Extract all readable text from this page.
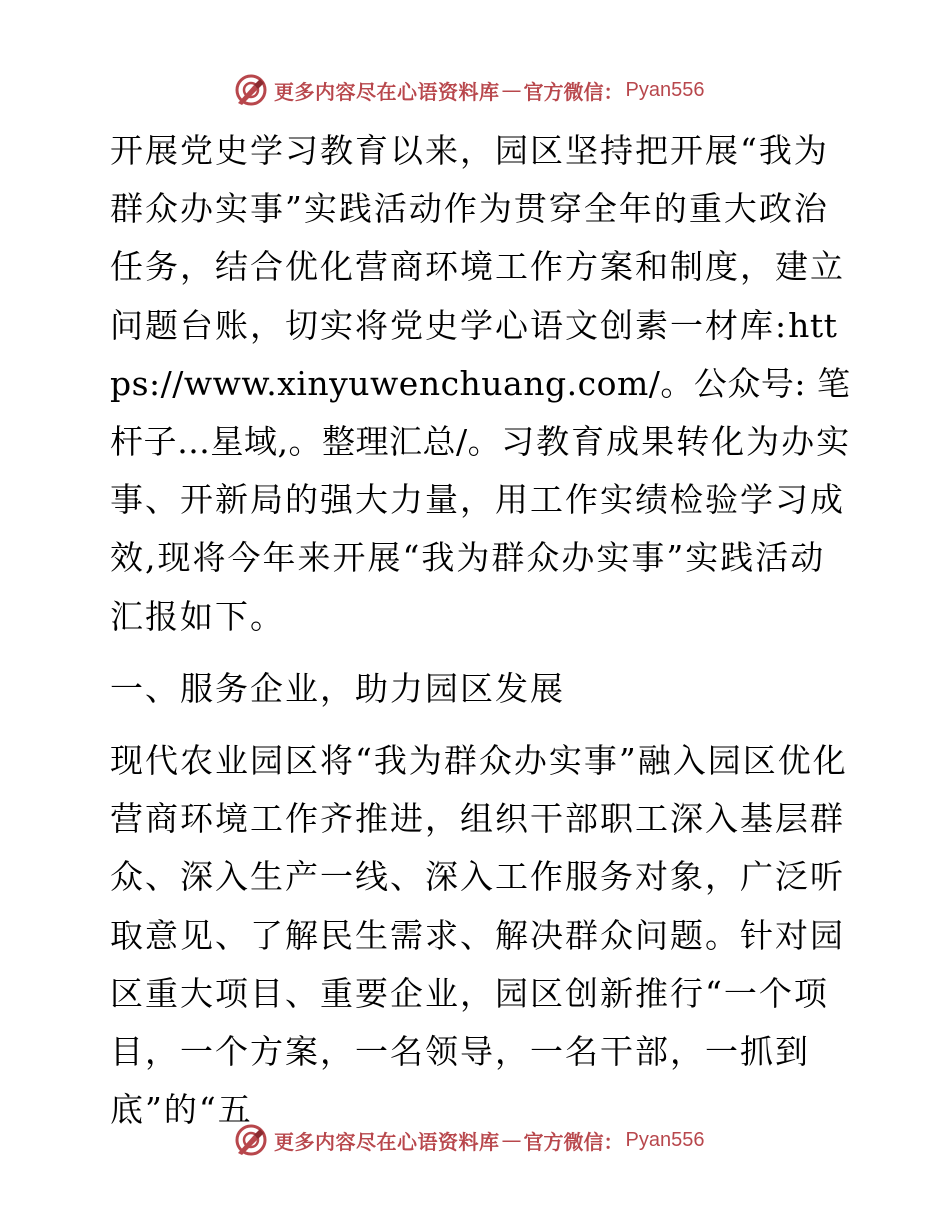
更多内容尽在心语资料库 — 官方微信： Pyan556

开展党史学习教育以来，园区坚持把开展“我为群众办实事”实践活动作为贯穿全年的重大政治任务，结合优化营商环境工作方案和制度，建立问题台账，切实将党史学心语文创素一材库:https://www.xinyuwenchuang.com/。公众号: 笔杆子…星域,。整理汇总/。习教育成果转化为办实事、开新局的强大力量，用工作实绩检验学习成效,现将今年来开展“我为群众办实事”实践活动汇报如下。

一、服务企业，助力园区发展

现代农业园区将“我为群众办实事”融入园区优化营商环境工作齐推进，组织干部职工深入基层群众、深入生产一线、深入工作服务对象，广泛听取意见、了解民生需求、解决群众问题。针对园区重大项目、重要企业，园区创新推行“一个项目，一个方案，一名领导，一名干部，一抓到底”的“五

更多内容尽在心语资料库 — 官方微信： Pyan556
